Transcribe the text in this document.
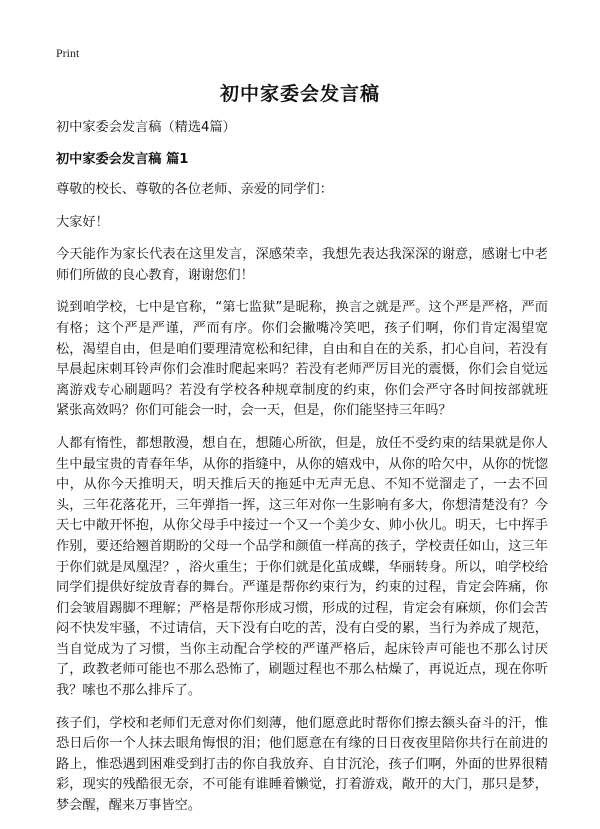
Print
初中家委会发言稿

初中家委会发言稿（精选4篇）

初中家委会发言稿 篇1

尊敬的校长、尊敬的各位老师、亲爱的同学们：

大家好！

今天能作为家长代表在这里发言，深感荣幸，我想先表达我深深的谢意，感谢七中老师们所做的良心教育，谢谢您们！

说到咱学校，七中是官称，“第七监狱”是昵称，换言之就是严。这个严是严格，严而有格；这个严是严谨，严而有序。你们会撇嘴冷笑吧，孩子们啊，你们肯定渴望宽松，渴望自由，但是咱们要理清宽松和纪律，自由和自在的关系，扪心自问，若没有早晨起床刺耳铃声你们会准时爬起来吗？若没有老师严厉目光的震慑，你们会自觉远离游戏专心刷题吗？若没有学校各种规章制度的约束，你们会严守各时间按部就班 紧张高效吗？你们可能会一时，会一天，但是，你们能坚持三年吗？

人都有惰性，都想散漫，想自在，想随心所欲，但是，放任不受约束的结果就是你人生中最宝贵的青春年华，从你的指缝中，从你的嬉戏中，从你的哈欠中，从你的恍惚中，从你今天推明天，明天推后天的拖延中无声无息、不知不觉溜走了，一去不回头，三年花落花开，三年弹指一挥，这三年对你一生影响有多大，你想清楚没有？今天七中敞开怀抱，从你父母手中接过一个又一个美少女、帅小伙儿。明天，七中挥手作别，要还给翘首期盼的父母一个品学和颜值一样高的孩子，学校责任如山，这三年于你们就是凤凰涅？，浴火重生；于你们就是化茧成蝶，华丽转身。所以，咱学校给同学们提供好绽放青春的舞台。严谨是帮你约束行为，约束的过程，肯定会阵痛，你们会皱眉踢脚不理解；严格是帮你形成习惯，形成的过程，肯定会有麻烦，你们会苦闷不快发牢骚，不过请信，天下没有白吃的苦，没有白受的累，当行为养成了规范，当自觉成为了习惯，当你主动配合学校的严谨严格后，起床铃声可能也不那么讨厌了，政教老师可能也不那么恐怖了，刷题过程也不那么枯燥了，再说近点，现在你听我？嗦也不那么排斥了。

孩子们，学校和老师们无意对你们刻薄，他们愿意此时帮你们擦去额头奋斗的汗，惟恐日后你一个人抹去眼角悔恨的泪；他们愿意在有缘的日日夜夜里陪你共行在前进的路上，惟恐遇到困难受到打击的你自我放弃、自甘沉沦，孩子们啊，外面的世界很精彩，现实的残酷很无奈，不可能有谁睡着懒觉，打着游戏，敞开的大门，那只是梦，梦会醒，醒来万事皆空。
